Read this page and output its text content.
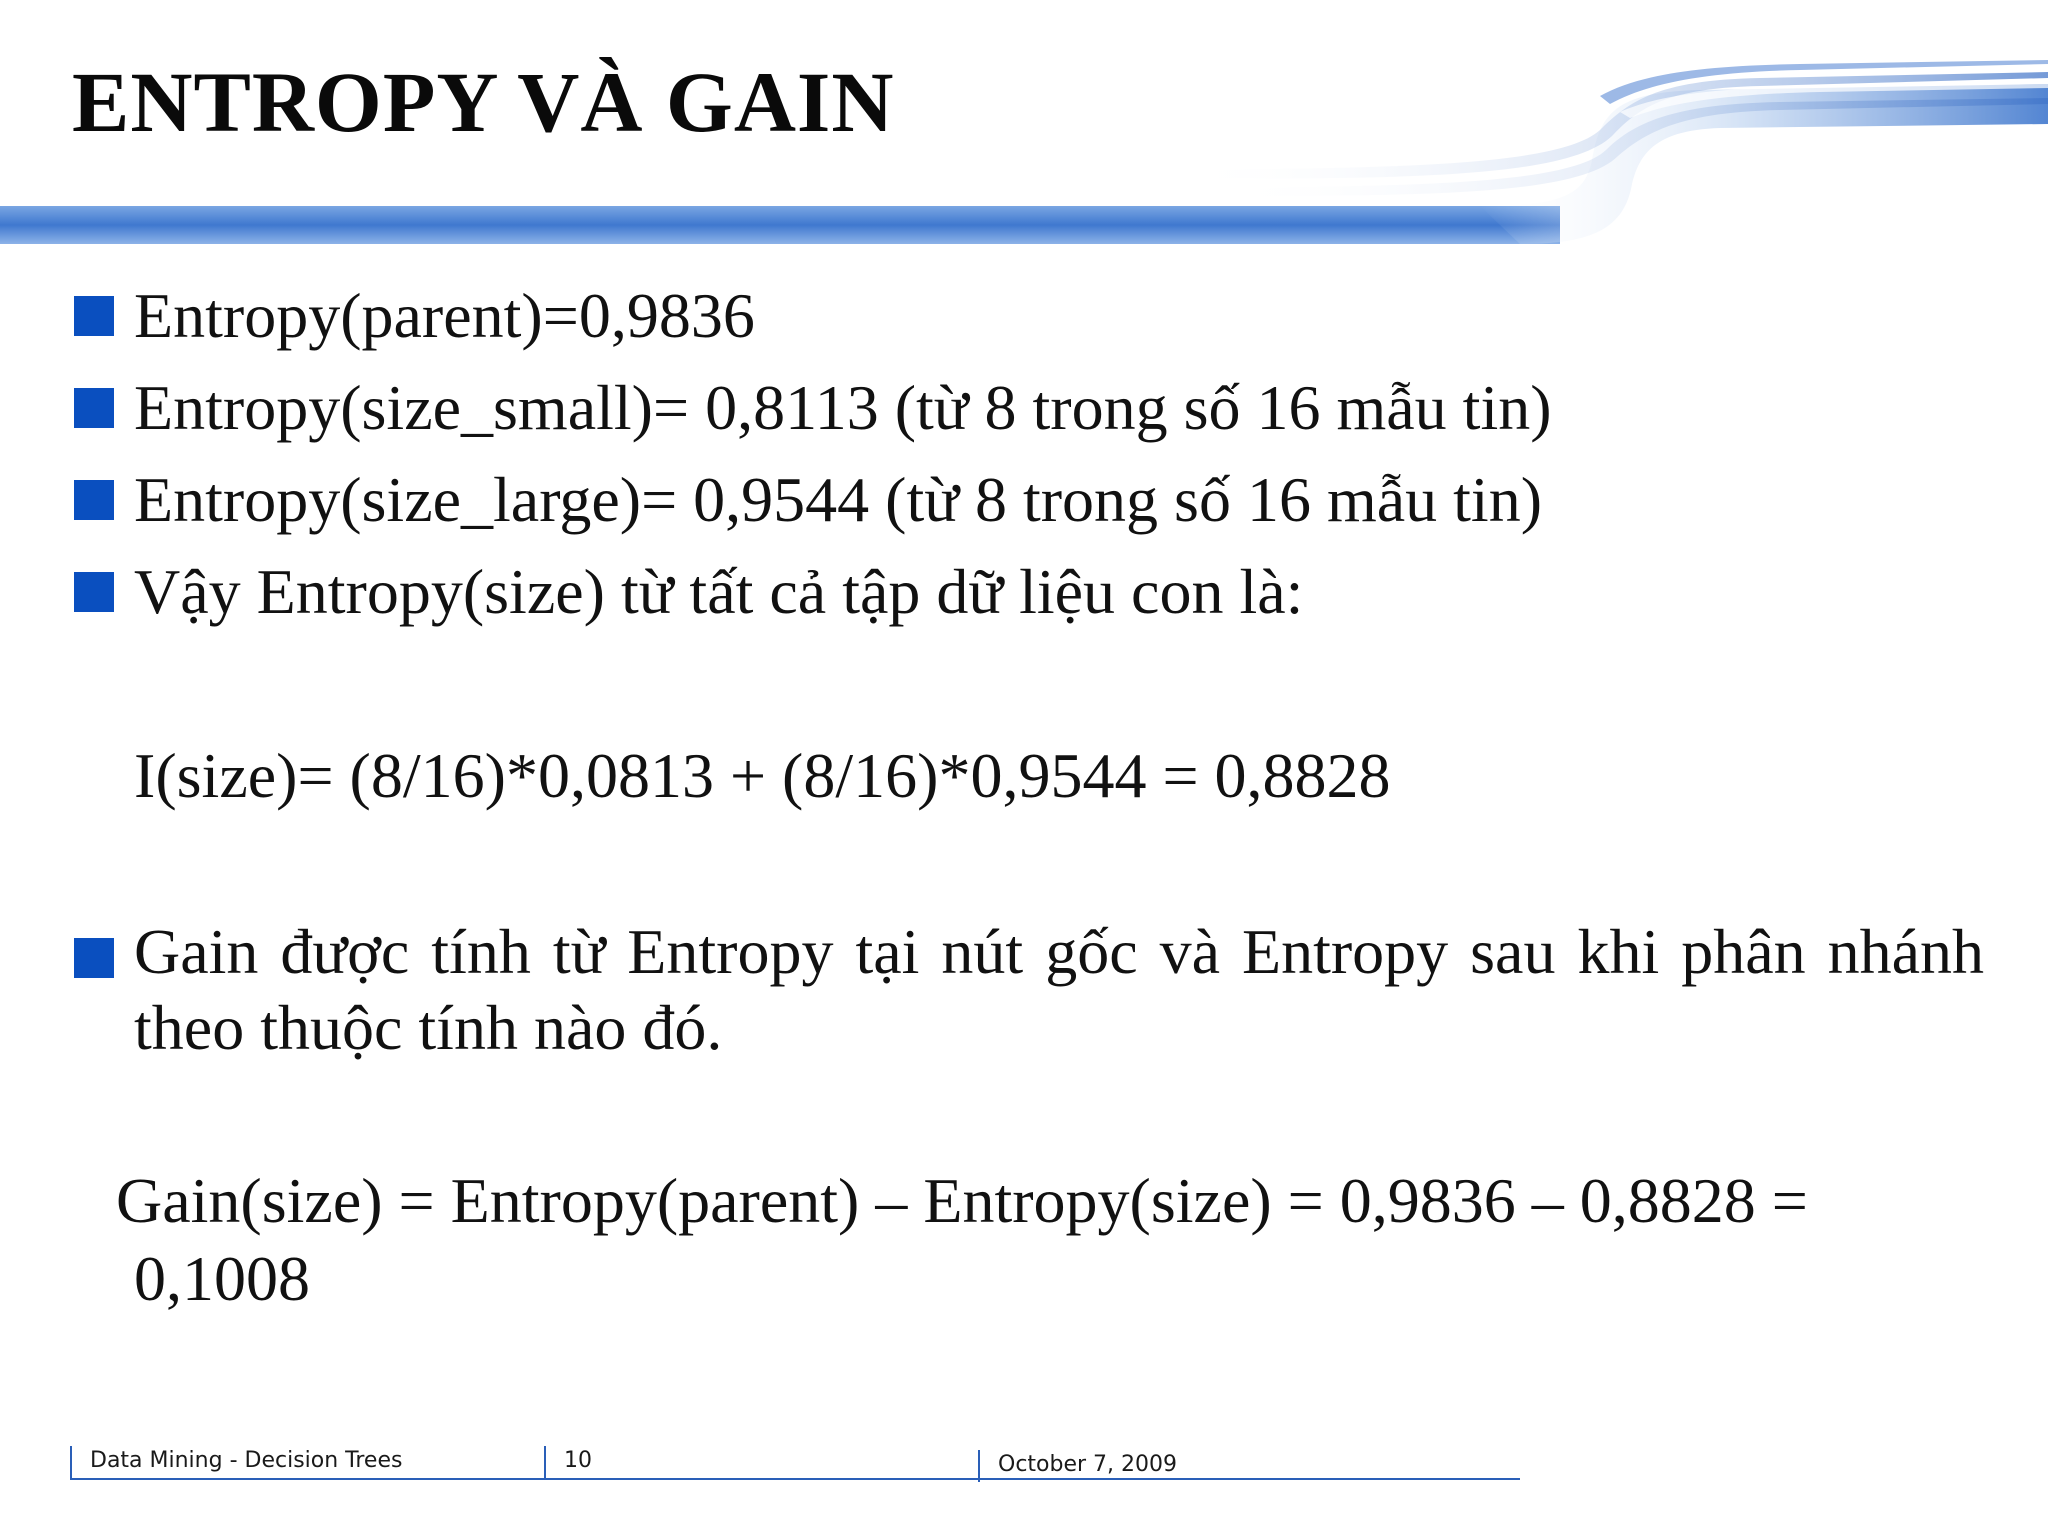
ENTROPY VÀ GAIN
Entropy(parent)=0,9836
Entropy(size_small)= 0,8113 (từ 8 trong số 16 mẫu tin)
Entropy(size_large)= 0,9544 (từ 8 trong số 16 mẫu tin)
Vậy Entropy(size) từ tất cả tập dữ liệu con là:
I(size)= (8/16)*0,0813 + (8/16)*0,9544 = 0,8828
Gain được tính từ Entropy tại nút gốc và Entropy sau khi phân nhánh theo thuộc tính nào đó.
Gain(size) = Entropy(parent) – Entropy(size) = 0,9836 – 0,8828 =
0,1008
Data Mining - Decision Trees	10	October 7, 2009
